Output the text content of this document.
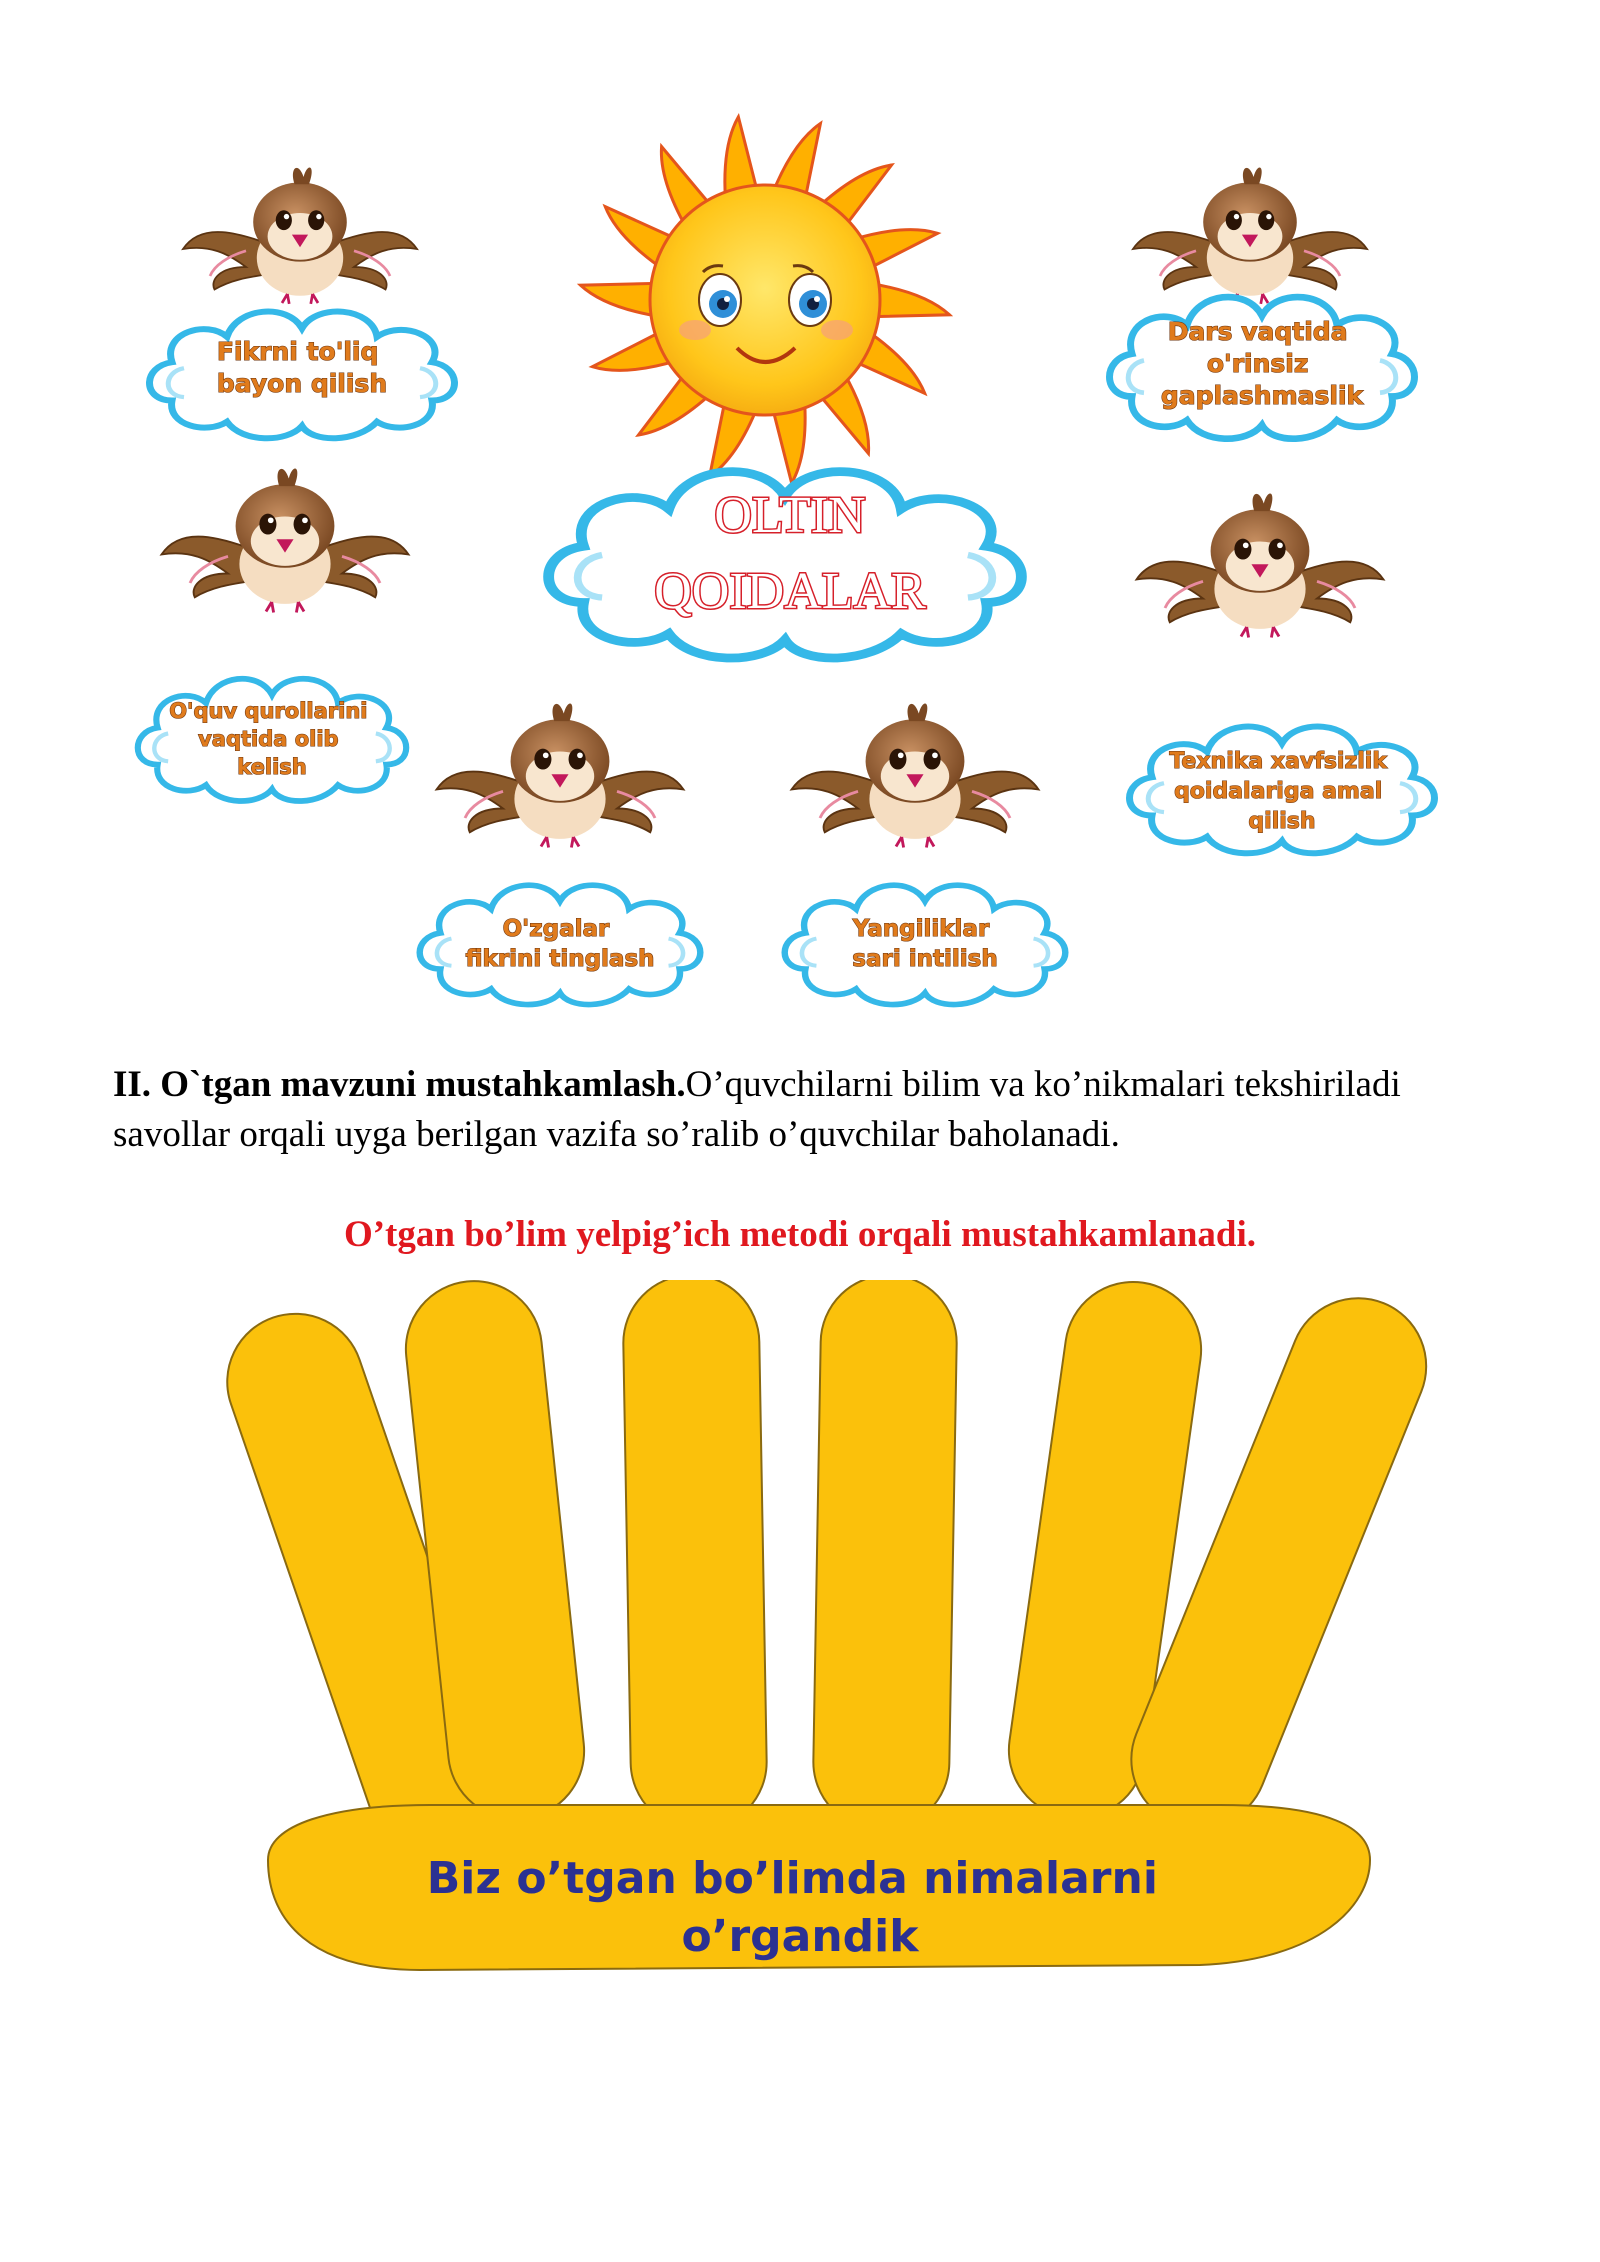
OLTIN
QOIDALAR
Fikrni to'liq bayon qilish
Dars vaqtida o'rinsiz gaplashmaslik
O'quv qurollarini vaqtida olib kelish	Texnika xavfsizlik qoidalariga amal qilish
O'zgalar fikrini tinglash
Yangiliklar sari intilish
II. O`tgan mavzuni mustahkamlash.O’quvchilarni bilim va ko’nikmalari tekshiriladi savollar orqali uyga berilgan vazifa so’ralib o’quvchilar baholanadi.
O’tgan bo’lim yelpig’ich metodi orqali mustahkamlanadi.
Biz o’tgan bo’limda nimalarni o’rgandik
